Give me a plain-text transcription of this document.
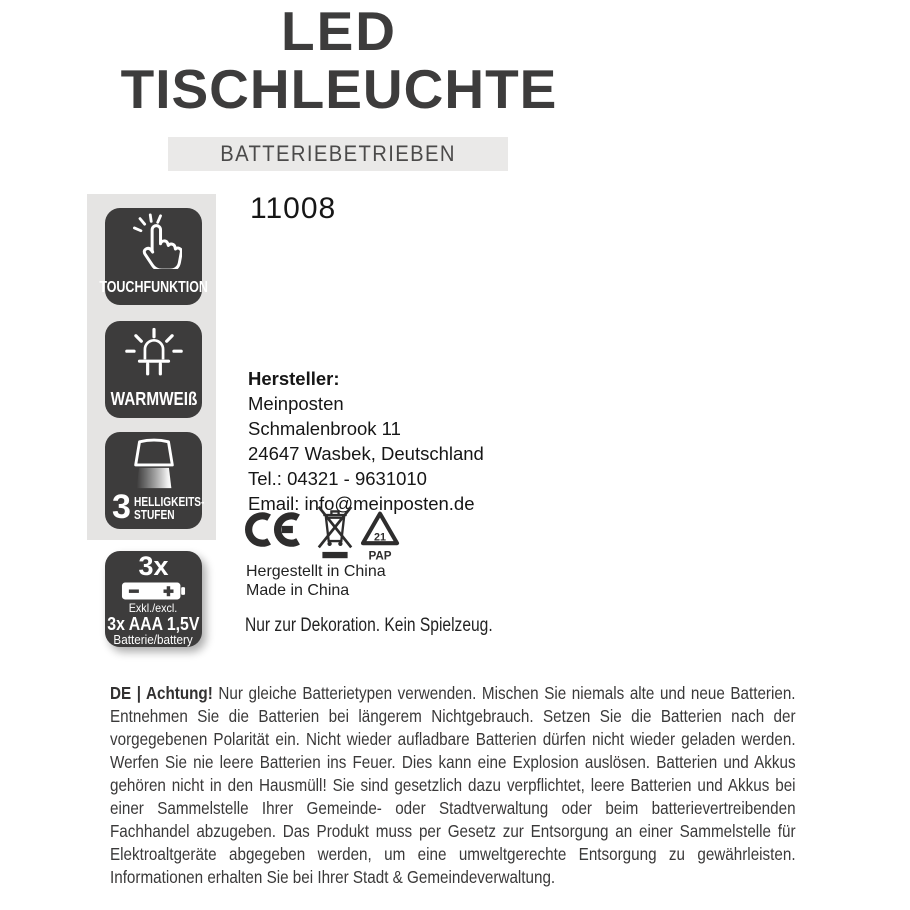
LED
TISCHLEUCHTE
BATTERIEBETRIEBEN
11008
TOUCHFUNKTION
WARMWEIß
3 HELLIGKEITS-
STUFEN
3x
Exkl./excl.
3x AAA 1,5V
Batterie/battery
Hersteller:
Meinposten
Schmalenbrook 11
24647 Wasbek, Deutschland
Tel.: 04321 - 9631010
Email: info@meinposten.de
21
PAP
Hergestellt in China
Made in China
Nur zur Dekoration. Kein Spielzeug.
DE | Achtung! Nur gleiche Batterietypen verwenden. Mischen Sie niemals alte und neue Batterien. Entnehmen Sie die Batterien bei längerem Nichtgebrauch. Setzen Sie die Batterien nach der vorgegebenen Polarität ein. Nicht wieder aufladbare Batterien dürfen nicht wieder geladen werden. Werfen Sie nie leere Batterien ins Feuer. Dies kann eine Explosion auslösen. Batterien und Akkus gehören nicht in den Hausmüll! Sie sind gesetzlich dazu verpflichtet, leere Batterien und Akkus bei einer Sammelstelle Ihrer Gemeinde- oder Stadtverwaltung oder beim batterievertreibenden Fachhandel abzugeben. Das Produkt muss per Gesetz zur Entsorgung an einer Sammelstelle für Elektroaltgeräte abgegeben werden, um eine umweltgerechte Entsorgung zu gewährleisten. Informationen erhalten Sie bei Ihrer Stadt & Gemeindeverwaltung.
